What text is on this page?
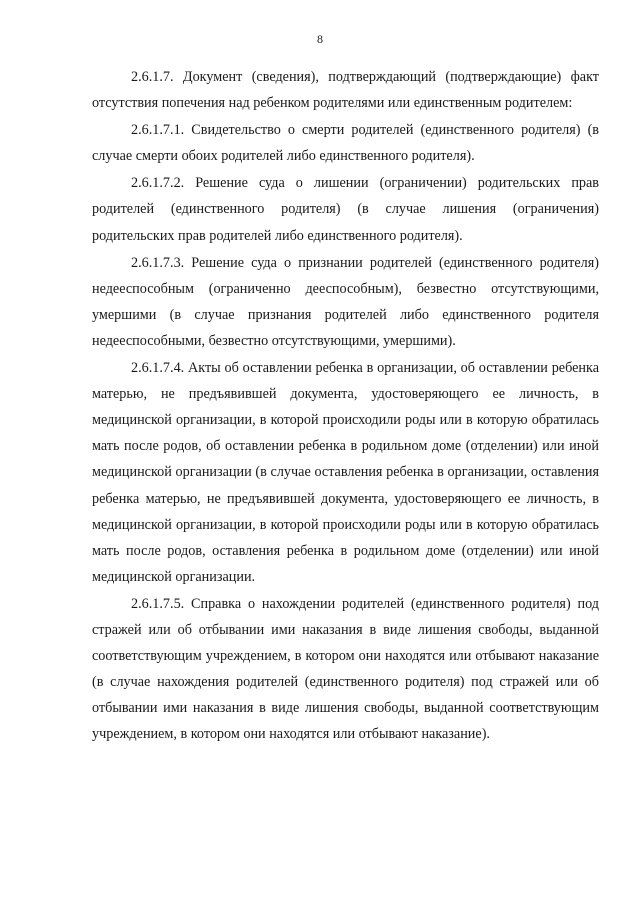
8

2.6.1.7. Документ (сведения), подтверждающий (подтверждающие) факт отсутствия попечения над ребенком родителями или единственным родителем:

2.6.1.7.1. Свидетельство о смерти родителей (единственного родителя) (в случае смерти обоих родителей либо единственного родителя).

2.6.1.7.2. Решение суда о лишении (ограничении) родительских прав родителей (единственного родителя) (в случае лишения (ограничения) родительских прав родителей либо единственного родителя).

2.6.1.7.3. Решение суда о признании родителей (единственного родителя) недееспособным (ограниченно дееспособным), безвестно отсутствующими, умершими (в случае признания родителей либо единственного родителя недееспособными, безвестно отсутствующими, умершими).

2.6.1.7.4. Акты об оставлении ребенка в организации, об оставлении ребенка матерью, не предъявившей документа, удостоверяющего ее личность, в медицинской организации, в которой происходили роды или в которую обратилась мать после родов, об оставлении ребенка в родильном доме (отделении) или иной медицинской организации (в случае оставления ребенка в организации, оставления ребенка матерью, не предъявившей документа, удостоверяющего ее личность, в медицинской организации, в которой происходили роды или в которую обратилась мать после родов, оставления ребенка в родильном доме (отделении) или иной медицинской организации.

2.6.1.7.5. Справка о нахождении родителей (единственного родителя) под стражей или об отбывании ими наказания в виде лишения свободы, выданной соответствующим учреждением, в котором они находятся или отбывают наказание (в случае нахождения родителей (единственного родителя) под стражей или об отбывании ими наказания в виде лишения свободы, выданной соответствующим учреждением, в котором они находятся или отбывают наказание).
